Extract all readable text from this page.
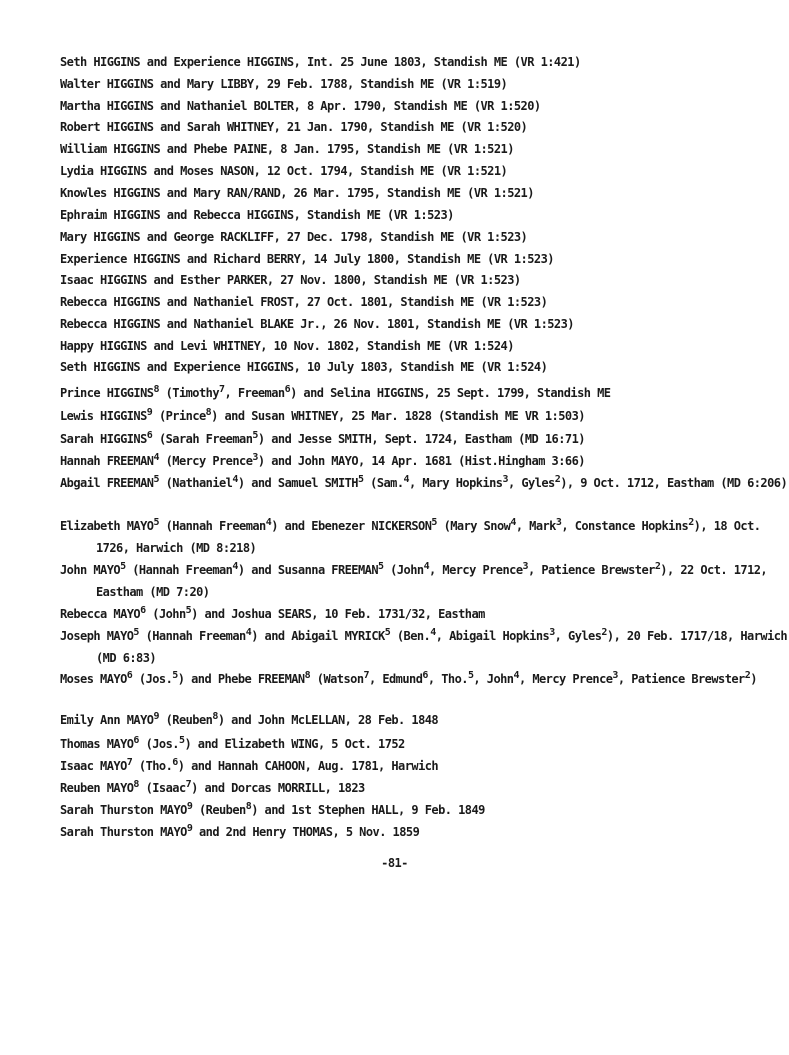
Seth HIGGINS and Experience HIGGINS, Int. 25 June 1803, Standish ME (VR 1:421)

Walter HIGGINS and Mary LIBBY, 29 Feb. 1788, Standish ME (VR 1:519)

Martha HIGGINS and Nathaniel BOLTER, 8 Apr. 1790, Standish ME (VR 1:520)

Robert HIGGINS and Sarah WHITNEY, 21 Jan. 1790, Standish ME (VR 1:520)

William HIGGINS and Phebe PAINE, 8 Jan. 1795, Standish ME (VR 1:521)

Lydia HIGGINS and Moses NASON, 12 Oct. 1794, Standish ME (VR 1:521)

Knowles HIGGINS and Mary RAN/RAND, 26 Mar. 1795, Standish ME (VR 1:521)

Ephraim HIGGINS and Rebecca HIGGINS, Standish ME (VR 1:523)

Mary HIGGINS and George RACKLIFF, 27 Dec. 1798, Standish ME (VR 1:523)

Experience HIGGINS and Richard BERRY, 14 July 1800, Standish ME (VR 1:523)

Isaac HIGGINS and Esther PARKER, 27 Nov. 1800, Standish ME (VR 1:523)

Rebecca HIGGINS and Nathaniel FROST, 27 Oct. 1801, Standish ME (VR 1:523)

Rebecca HIGGINS and Nathaniel BLAKE Jr., 26 Nov. 1801, Standish ME (VR 1:523)

Happy HIGGINS and Levi WHITNEY, 10 Nov. 1802, Standish ME (VR 1:524)

Seth HIGGINS and Experience HIGGINS, 10 July 1803, Standish ME (VR 1:524)

Prince HIGGINS$^8$ (Timothy$^7$, Freeman$^6$) and Selina HIGGINS, 25 Sept. 1799, Standish ME

Lewis HIGGINS$^9$ (Prince$^8$) and Susan WHITNEY, 25 Mar. 1828 (Standish ME VR 1:503)

Sarah HIGGINS$^6$ (Sarah Freeman$^5$) and Jesse SMITH, Sept. 1724, Eastham (MD 16:71)

Hannah FREEMAN$^4$ (Mercy Prence$^3$) and John MAYO, 14 Apr. 1681 (Hist.Hingham 3:66)

Abgail FREEMAN$^5$ (Nathaniel$^4$) and Samuel SMITH$^5$ (Sam.$^4$, Mary Hopkins$^3$, Gyles$^2$), 9 Oct. 1712, Eastham (MD 6:206)

Elizabeth MAYO$^5$ (Hannah Freeman$^4$) and Ebenezer NICKERSON$^5$ (Mary Snow$^4$, Mark$^3$, Constance Hopkins$^2$), 18 Oct. 1726, Harwich (MD 8:218)

John MAYO$^5$ (Hannah Freeman$^4$) and Susanna FREEMAN$^5$ (John$^4$, Mercy Prence$^3$, Patience Brewster$^2$), 22 Oct. 1712, Eastham (MD 7:20)

Rebecca MAYO$^6$ (John$^5$) and Joshua SEARS, 10 Feb. 1731/32, Eastham

Joseph MAYO$^5$ (Hannah Freeman$^4$) and Abigail MYRICK$^5$ (Ben.$^4$, Abigail Hopkins$^3$, Gyles$^2$), 20 Feb. 1717/18, Harwich (MD 6:83)

Moses MAYO$^6$ (Jos.$^5$) and Phebe FREEMAN$^8$ (Watson$^7$, Edmund$^6$, Tho.$^5$, John$^4$, Mercy Prence$^3$, Patience Brewster$^2$)

Thomas MAYO$^6$ (Jos.$^5$) and Elizabeth WING, 5 Oct. 1752

Isaac MAYO$^7$ (Tho.$^6$) and Hannah CAHOON, Aug. 1781, Harwich

Reuben MAYO$^8$ (Isaac$^7$) and Dorcas MORRILL, 1823

Sarah Thurston MAYO$^9$ (Reuben$^8$) and 1st Stephen HALL, 9 Feb. 1849

Sarah Thurston MAYO$^9$ and 2nd Henry THOMAS, 5 Nov. 1859

Emily Ann MAYO$^9$ (Reuben$^8$) and John McLELLAN, 28 Feb. 1848

-81-
